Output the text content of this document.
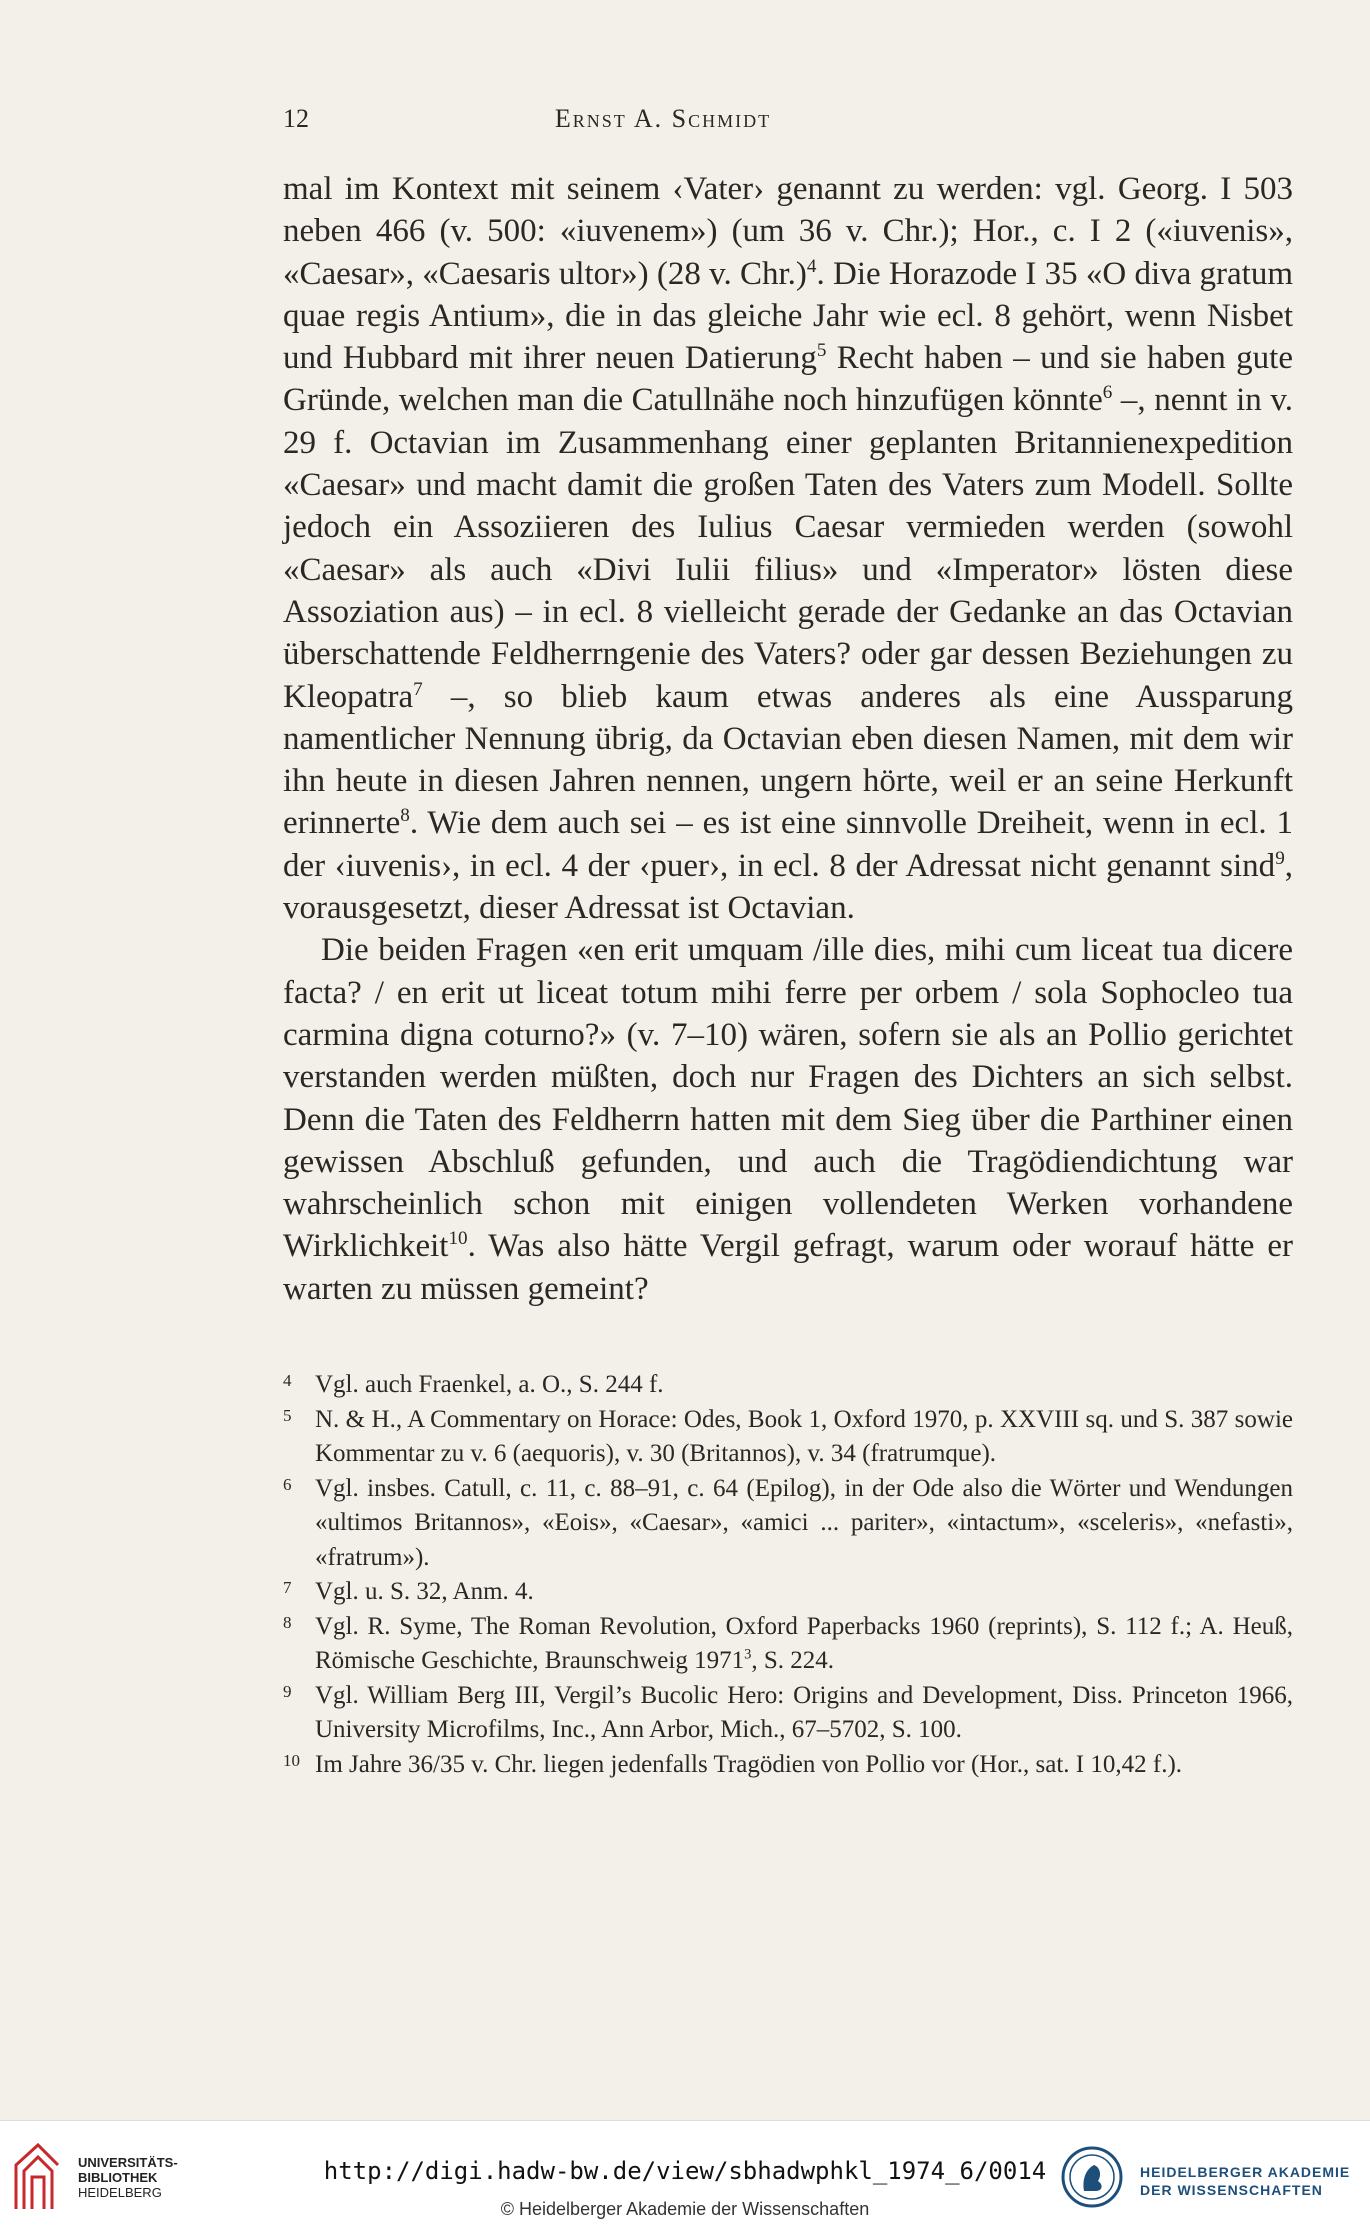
12	Ernst A. Schmidt

mal im Kontext mit seinem ‹Vater› genannt zu werden: vgl. Georg. I 503 neben 466 (v. 500: «iuvenem») (um 36 v. Chr.); Hor., c. I 2 («iuvenis», «Caesar», «Caesaris ultor») (28 v. Chr.)$^4$. Die Horazode I 35 «O diva gratum quae regis Antium», die in das gleiche Jahr wie ecl. 8 gehört, wenn Nisbet und Hubbard mit ihrer neuen Datierung$^5$ Recht haben – und sie haben gute Gründe, welchen man die Catullnähe noch hinzufügen könnte$^6$ –, nennt in v. 29 f. Octavian im Zusammenhang einer geplanten Britannienexpedition «Caesar» und macht damit die großen Taten des Vaters zum Modell. Sollte jedoch ein Assoziieren des Iulius Caesar vermieden werden (sowohl «Caesar» als auch «Divi Iulii filius» und «Imperator» lösten diese Assoziation aus) – in ecl. 8 vielleicht gerade der Gedanke an das Octavian überschattende Feldherrngenie des Vaters? oder gar dessen Beziehungen zu Kleopatra$^7$ –, so blieb kaum etwas anderes als eine Aussparung namentlicher Nennung übrig, da Octavian eben diesen Namen, mit dem wir ihn heute in diesen Jahren nennen, ungern hörte, weil er an seine Herkunft erinnerte$^8$. Wie dem auch sei – es ist eine sinnvolle Dreiheit, wenn in ecl. 1 der ‹iuvenis›, in ecl. 4 der ‹puer›, in ecl. 8 der Adressat nicht genannt sind$^9$, vorausgesetzt, dieser Adressat ist Octavian.

Die beiden Fragen «en erit umquam /ille dies, mihi cum liceat tua dicere facta? / en erit ut liceat totum mihi ferre per orbem / sola Sophocleo tua carmina digna coturno?» (v. 7–10) wären, sofern sie als an Pollio gerichtet verstanden werden müßten, doch nur Fragen des Dichters an sich selbst. Denn die Taten des Feldherrn hatten mit dem Sieg über die Parthiner einen gewissen Abschluß gefunden, und auch die Tragödiendichtung war wahrscheinlich schon mit einigen vollendeten Werken vorhandene Wirklichkeit$^{10}$. Was also hätte Vergil gefragt, warum oder worauf hätte er warten zu müssen gemeint?

4 Vgl. auch Fraenkel, a. O., S. 244 f.

5 N. & H., A Commentary on Horace: Odes, Book 1, Oxford 1970, p. XXVIII sq. und S. 387 sowie Kommentar zu v. 6 (aequoris), v. 30 (Britannos), v. 34 (fratrumque).

6 Vgl. insbes. Catull, c. 11, c. 88–91, c. 64 (Epilog), in der Ode also die Wörter und Wendungen «ultimos Britannos», «Eois», «Caesar», «amici ... pariter», «intactum», «sceleris», «nefasti», «fratrum»).

7 Vgl. u. S. 32, Anm. 4.

8 Vgl. R. Syme, The Roman Revolution, Oxford Paperbacks 1960 (reprints), S. 112 f.; A. Heuß, Römische Geschichte, Braunschweig 1971$^3$, S. 224.

9 Vgl. William Berg III, Vergil’s Bucolic Hero: Origins and Development, Diss. Princeton 1966, University Microfilms, Inc., Ann Arbor, Mich., 67–5702, S. 100.

10 Im Jahre 36/35 v. Chr. liegen jedenfalls Tragödien von Pollio vor (Hor., sat. I 10,42 f.).

UNIVERSITÄTS-
BIBLIOTHEK
HEIDELBERG
http://digi.hadw-bw.de/view/sbhadwphkl_1974_6/0014
© Heidelberger Akademie der Wissenschaften
HEIDELBERGER AKADEMIE
DER WISSENSCHAFTEN
